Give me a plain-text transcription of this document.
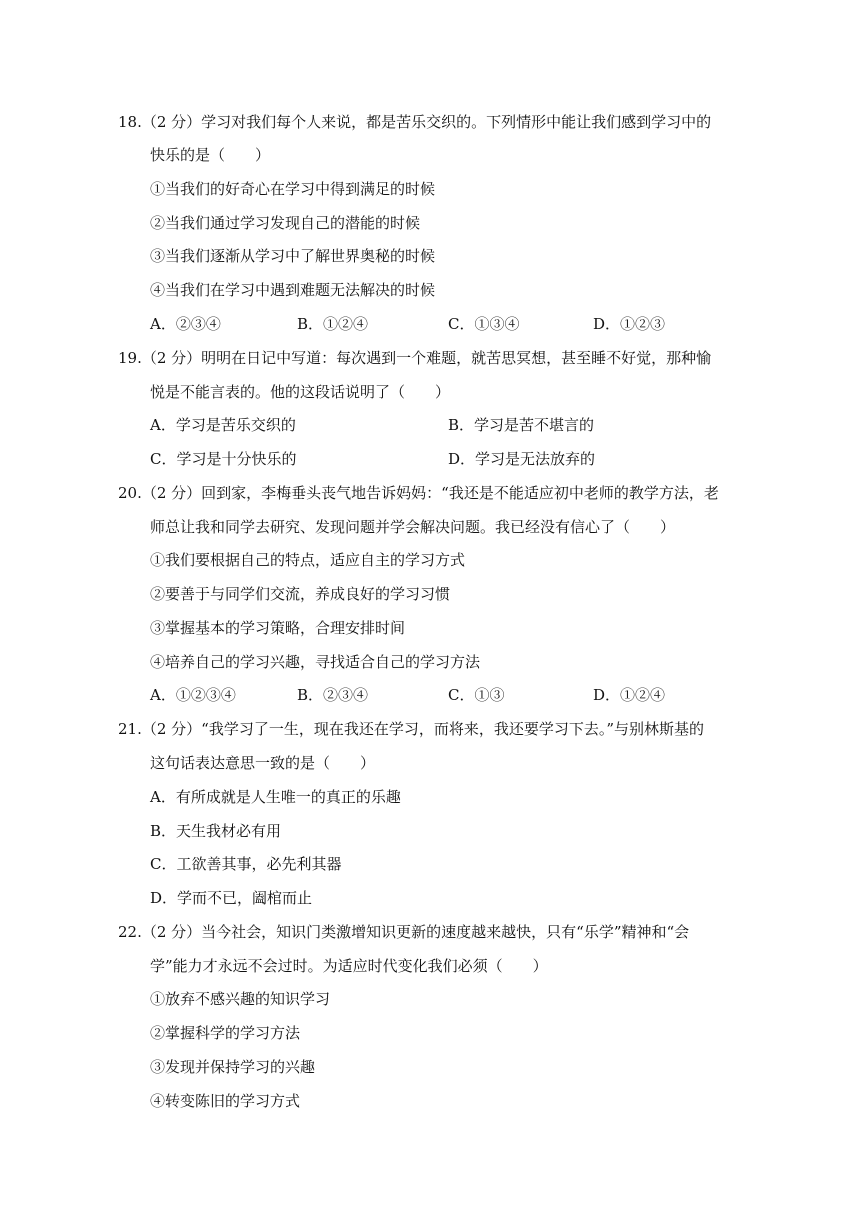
18.（2 分）学习对我们每个人来说，都是苦乐交织的。下列情形中能让我们感到学习中的
快乐的是（　　）
①当我们的好奇心在学习中得到满足的时候
②当我们通过学习发现自己的潜能的时候
③当我们逐渐从学习中了解世界奥秘的时候
④当我们在学习中遇到难题无法解决的时候
A．②③④	B．①②④	C．①③④	D．①②③
19.（2 分）明明在日记中写道：每次遇到一个难题，就苦思冥想，甚至睡不好觉，那种愉
悦是不能言表的。他的这段话说明了（　　）
A．学习是苦乐交织的	B．学习是苦不堪言的
C．学习是十分快乐的	D．学习是无法放弃的
20.（2 分）回到家，李梅垂头丧气地告诉妈妈：“我还是不能适应初中老师的教学方法，老
师总让我和同学去研究、发现问题并学会解决问题。我已经没有信心了（　　）
①我们要根据自己的特点，适应自主的学习方式
②要善于与同学们交流，养成良好的学习习惯
③掌握基本的学习策略，合理安排时间
④培养自己的学习兴趣，寻找适合自己的学习方法
A．①②③④	B．②③④	C．①③	D．①②④
21.（2 分）“我学习了一生，现在我还在学习，而将来，我还要学习下去。”与别林斯基的
这句话表达意思一致的是（　　）
A．有所成就是人生唯一的真正的乐趣
B．天生我材必有用
C．工欲善其事，必先利其器
D．学而不已，阖棺而止
22.（2 分）当今社会，知识门类激增知识更新的速度越来越快，只有“乐学”精神和“会
学”能力才永远不会过时。为适应时代变化我们必须（　　）
①放弃不感兴趣的知识学习
②掌握科学的学习方法
③发现并保持学习的兴趣
④转变陈旧的学习方式
